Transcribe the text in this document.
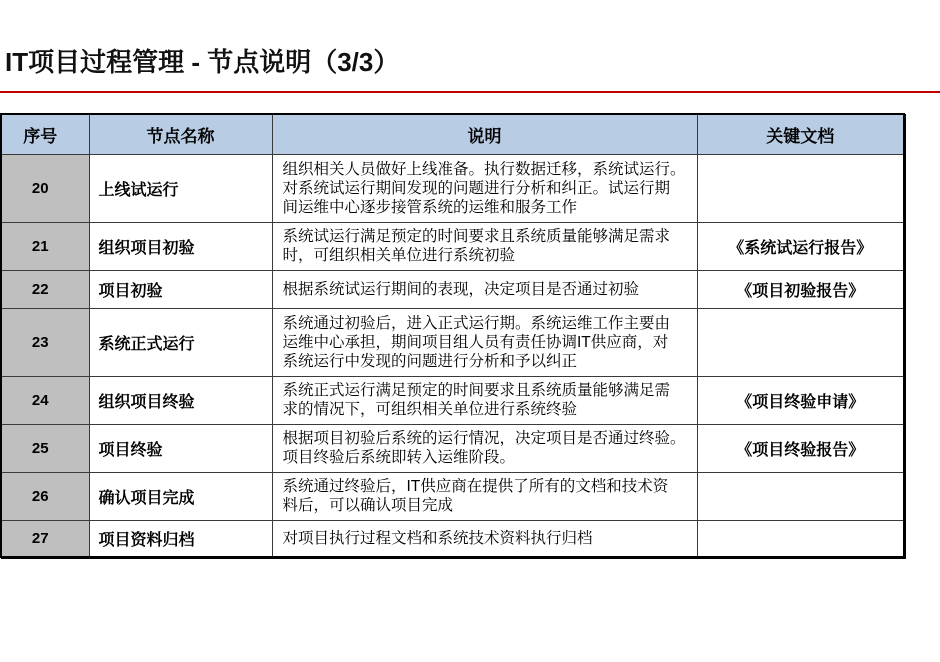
IT项目过程管理 - 节点说明（3/3）
序号	节点名称	说明	关键文档
20	上线试运行	组织相关人员做好上线准备。执行数据迁移，系统试运行。
对系统试运行期间发现的问题进行分析和纠正。试运行期
间运维中心逐步接管系统的运维和服务工作	

21	组织项目初验	系统试运行满足预定的时间要求且系统质量能够满足需求
时，可组织相关单位进行系统初验	《系统试运行报告》
22	项目初验	根据系统试运行期间的表现，决定项目是否通过初验	《项目初验报告》
23	系统正式运行	系统通过初验后，进入正式运行期。系统运维工作主要由
运维中心承担，期间项目组人员有责任协调IT供应商，对
系统运行中发现的问题进行分析和予以纠正	

24	组织项目终验	系统正式运行满足预定的时间要求且系统质量能够满足需
求的情况下，可组织相关单位进行系统终验	《项目终验申请》
25	项目终验	根据项目初验后系统的运行情况，决定项目是否通过终验。
项目终验后系统即转入运维阶段。	《项目终验报告》
26	确认项目完成	系统通过终验后，IT供应商在提供了所有的文档和技术资
料后，可以确认项目完成	

27	项目资料归档	对项目执行过程文档和系统技术资料执行归档	
